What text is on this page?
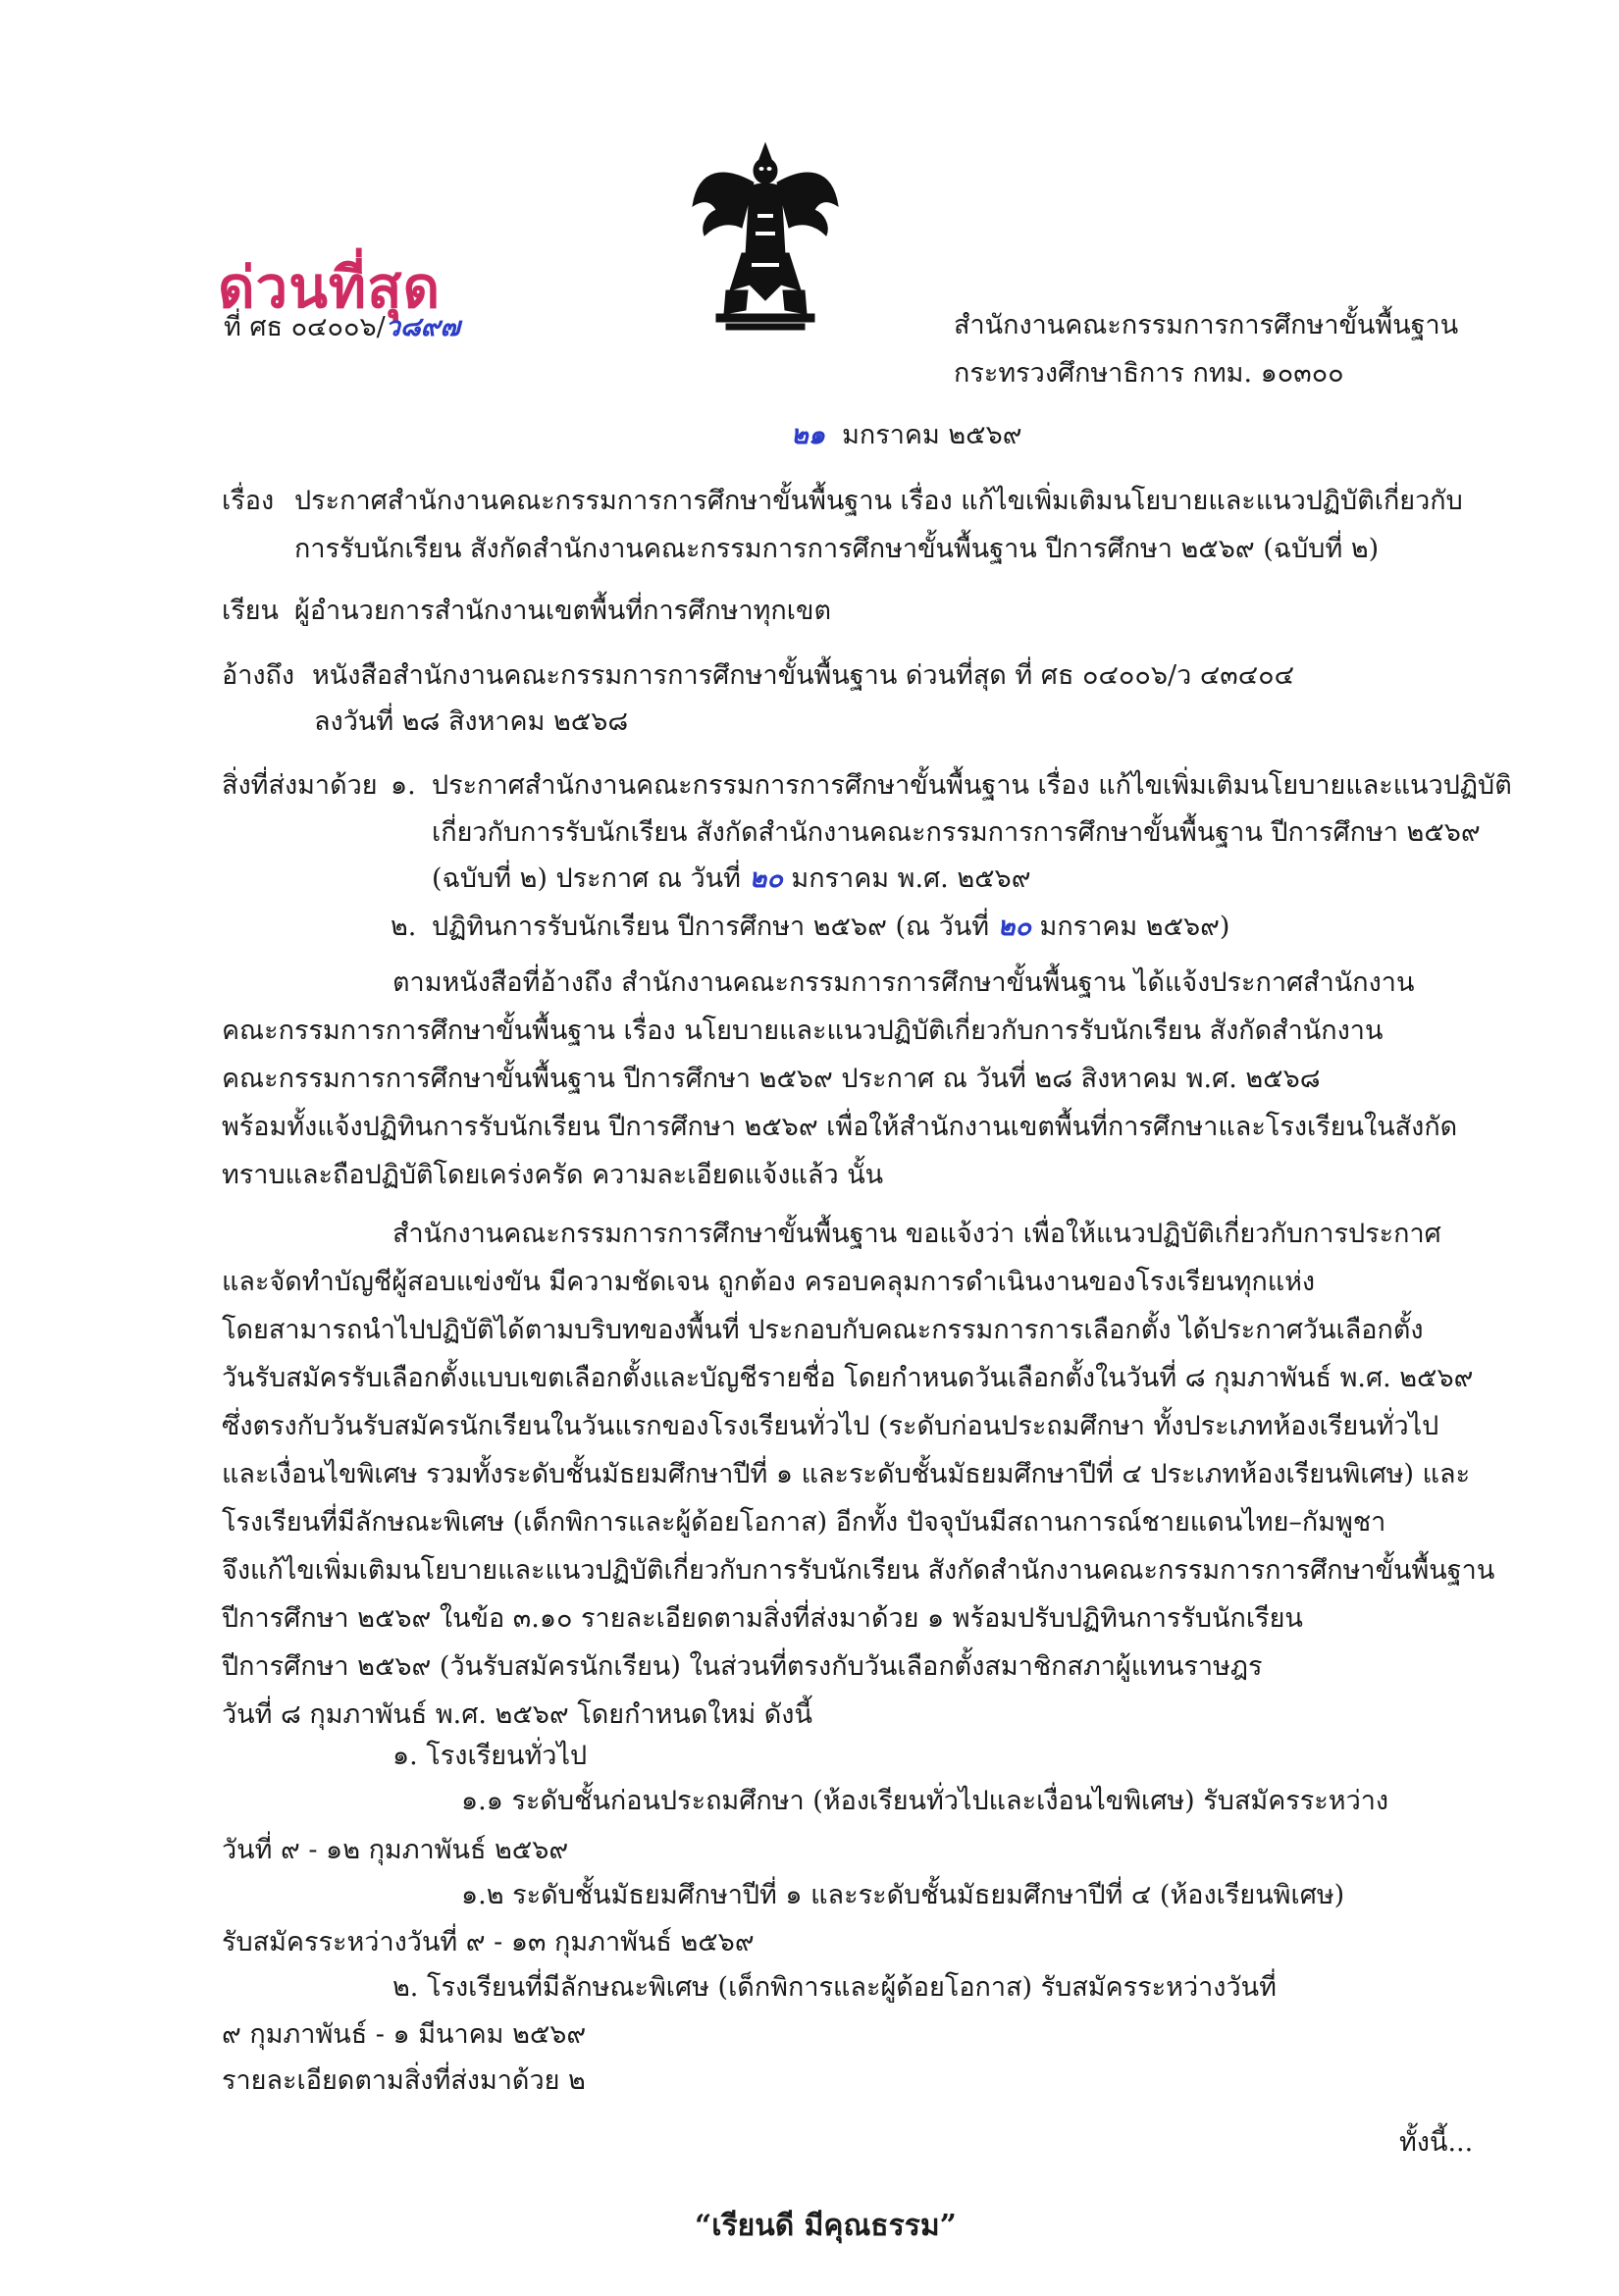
ด่วนที่สุด
ที่ ศธ ๐๔๐๐๖/ว๘๙๗	สำนักงานคณะกรรมการการศึกษาขั้นพื้นฐาน
กระทรวงศึกษาธิการ กทม. ๑๐๓๐๐
๒๑ มกราคม ๒๕๖๙
เรื่อง ประกาศสำนักงานคณะกรรมการการศึกษาขั้นพื้นฐาน เรื่อง แก้ไขเพิ่มเติมนโยบายและแนวปฏิบัติเกี่ยวกับ
การรับนักเรียน สังกัดสำนักงานคณะกรรมการการศึกษาขั้นพื้นฐาน ปีการศึกษา ๒๕๖๙ (ฉบับที่ ๒)
เรียน ผู้อำนวยการสำนักงานเขตพื้นที่การศึกษาทุกเขต
อ้างถึง หนังสือสำนักงานคณะกรรมการการศึกษาขั้นพื้นฐาน ด่วนที่สุด ที่ ศธ ๐๔๐๐๖/ว ๔๓๔๐๔
ลงวันที่ ๒๘ สิงหาคม ๒๕๖๘
สิ่งที่ส่งมาด้วย ๑. ประกาศสำนักงานคณะกรรมการการศึกษาขั้นพื้นฐาน เรื่อง แก้ไขเพิ่มเติมนโยบายและแนวปฏิบัติ
เกี่ยวกับการรับนักเรียน สังกัดสำนักงานคณะกรรมการการศึกษาขั้นพื้นฐาน ปีการศึกษา ๒๕๖๙
(ฉบับที่ ๒) ประกาศ ณ วันที่ ๒๐ มกราคม พ.ศ. ๒๕๖๙
๒. ปฏิทินการรับนักเรียน ปีการศึกษา ๒๕๖๙ (ณ วันที่ ๒๐ มกราคม ๒๕๖๙)
ตามหนังสือที่อ้างถึง สำนักงานคณะกรรมการการศึกษาขั้นพื้นฐาน ได้แจ้งประกาศสำนักงาน
คณะกรรมการการศึกษาขั้นพื้นฐาน เรื่อง นโยบายและแนวปฏิบัติเกี่ยวกับการรับนักเรียน สังกัดสำนักงาน
คณะกรรมการการศึกษาขั้นพื้นฐาน ปีการศึกษา ๒๕๖๙ ประกาศ ณ วันที่ ๒๘ สิงหาคม พ.ศ. ๒๕๖๘
พร้อมทั้งแจ้งปฏิทินการรับนักเรียน ปีการศึกษา ๒๕๖๙ เพื่อให้สำนักงานเขตพื้นที่การศึกษาและโรงเรียนในสังกัด
ทราบและถือปฏิบัติโดยเคร่งครัด ความละเอียดแจ้งแล้ว นั้น
สำนักงานคณะกรรมการการศึกษาขั้นพื้นฐาน ขอแจ้งว่า เพื่อให้แนวปฏิบัติเกี่ยวกับการประกาศ
และจัดทำบัญชีผู้สอบแข่งขัน มีความชัดเจน ถูกต้อง ครอบคลุมการดำเนินงานของโรงเรียนทุกแห่ง
โดยสามารถนำไปปฏิบัติได้ตามบริบทของพื้นที่ ประกอบกับคณะกรรมการการเลือกตั้ง ได้ประกาศวันเลือกตั้ง
วันรับสมัครรับเลือกตั้งแบบเขตเลือกตั้งและบัญชีรายชื่อ โดยกำหนดวันเลือกตั้งในวันที่ ๘ กุมภาพันธ์ พ.ศ. ๒๕๖๙
ซึ่งตรงกับวันรับสมัครนักเรียนในวันแรกของโรงเรียนทั่วไป (ระดับก่อนประถมศึกษา ทั้งประเภทห้องเรียนทั่วไป
และเงื่อนไขพิเศษ รวมทั้งระดับชั้นมัธยมศึกษาปีที่ ๑ และระดับชั้นมัธยมศึกษาปีที่ ๔ ประเภทห้องเรียนพิเศษ) และ
โรงเรียนที่มีลักษณะพิเศษ (เด็กพิการและผู้ด้อยโอกาส) อีกทั้ง ปัจจุบันมีสถานการณ์ชายแดนไทย–กัมพูชา
จึงแก้ไขเพิ่มเติมนโยบายและแนวปฏิบัติเกี่ยวกับการรับนักเรียน สังกัดสำนักงานคณะกรรมการการศึกษาขั้นพื้นฐาน
ปีการศึกษา ๒๕๖๙ ในข้อ ๓.๑๐ รายละเอียดตามสิ่งที่ส่งมาด้วย ๑ พร้อมปรับปฏิทินการรับนักเรียน
ปีการศึกษา ๒๕๖๙ (วันรับสมัครนักเรียน) ในส่วนที่ตรงกับวันเลือกตั้งสมาชิกสภาผู้แทนราษฎร
วันที่ ๘ กุมภาพันธ์ พ.ศ. ๒๕๖๙ โดยกำหนดใหม่ ดังนี้
๑. โรงเรียนทั่วไป
๑.๑ ระดับชั้นก่อนประถมศึกษา (ห้องเรียนทั่วไปและเงื่อนไขพิเศษ) รับสมัครระหว่าง
วันที่ ๙ - ๑๒ กุมภาพันธ์ ๒๕๖๙
๑.๒ ระดับชั้นมัธยมศึกษาปีที่ ๑ และระดับชั้นมัธยมศึกษาปีที่ ๔ (ห้องเรียนพิเศษ)
รับสมัครระหว่างวันที่ ๙ - ๑๓ กุมภาพันธ์ ๒๕๖๙
๒. โรงเรียนที่มีลักษณะพิเศษ (เด็กพิการและผู้ด้อยโอกาส) รับสมัครระหว่างวันที่
๙ กุมภาพันธ์ - ๑ มีนาคม ๒๕๖๙
รายละเอียดตามสิ่งที่ส่งมาด้วย ๒
ทั้งนี้...
“เรียนดี มีคุณธรรม”
